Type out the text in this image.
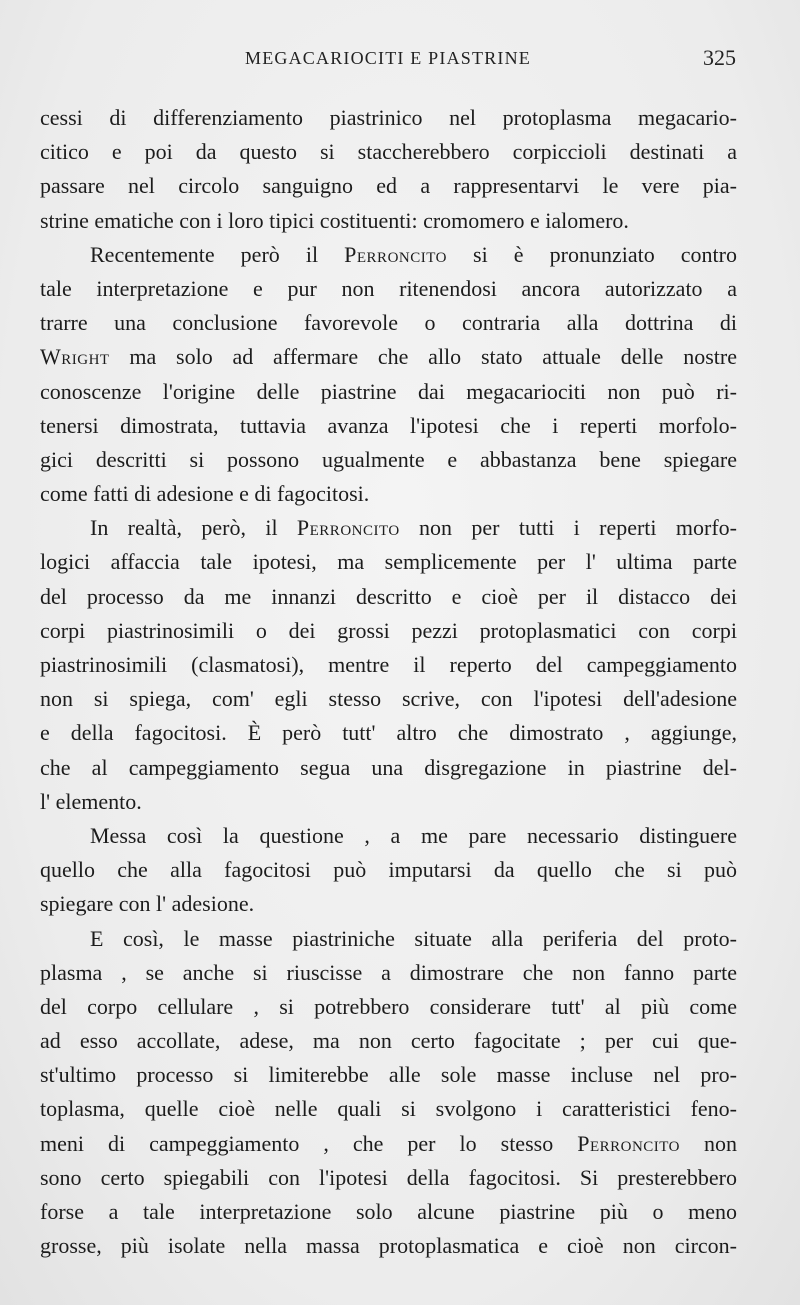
MEGACARIOCITI E PIASTRINE	325
cessi di differenziamento piastrinico nel protoplasma megacario-
citico e poi da questo si staccherebbero corpiccioli destinati a
passare nel circolo sanguigno ed a rappresentarvi le vere pia-
strine ematiche con i loro tipici costituenti: cromomero e ialomero.
Recentemente però il Perroncito si è pronunziato contro
tale interpretazione e pur non ritenendosi ancora autorizzato a
trarre una conclusione favorevole o contraria alla dottrina di
Wright ma solo ad affermare che allo stato attuale delle nostre
conoscenze l'origine delle piastrine dai megacariociti non può ri-
tenersi dimostrata, tuttavia avanza l'ipotesi che i reperti morfolo-
gici descritti si possono ugualmente e abbastanza bene spiegare
come fatti di adesione e di fagocitosi.
In realtà, però, il Perroncito non per tutti i reperti morfo-
logici affaccia tale ipotesi, ma semplicemente per l' ultima parte
del processo da me innanzi descritto e cioè per il distacco dei
corpi piastrinosimili o dei grossi pezzi protoplasmatici con corpi
piastrinosimili (clasmatosi), mentre il reperto del campeggiamento
non si spiega, com' egli stesso scrive, con l'ipotesi dell'adesione
e della fagocitosi. È però tutt' altro che dimostrato , aggiunge,
che al campeggiamento segua una disgregazione in piastrine del-
l' elemento.
Messa così la questione , a me pare necessario distinguere
quello che alla fagocitosi può imputarsi da quello che si può
spiegare con l' adesione.
E così, le masse piastriniche situate alla periferia del proto-
plasma , se anche si riuscisse a dimostrare che non fanno parte
del corpo cellulare , si potrebbero considerare tutt' al più come
ad esso accollate, adese, ma non certo fagocitate ; per cui que-
st'ultimo processo si limiterebbe alle sole masse incluse nel pro-
toplasma, quelle cioè nelle quali si svolgono i caratteristici feno-
meni di campeggiamento , che per lo stesso Perroncito non
sono certo spiegabili con l'ipotesi della fagocitosi. Si presterebbero
forse a tale interpretazione solo alcune piastrine più o meno
grosse, più isolate nella massa protoplasmatica e cioè non circon-
